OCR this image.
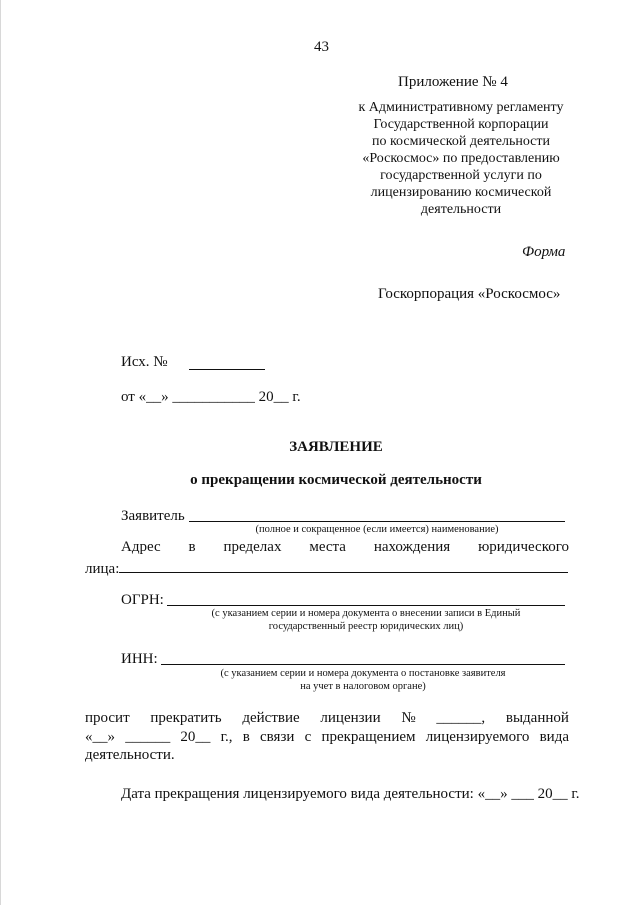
43
Приложение № 4
к Административному регламенту
Государственной корпорации
по космической деятельности
«Роскосмос» по предоставлению
государственной услуги по
лицензированию космической
деятельности
Форма
Госкорпорация «Роскосмос»
Исх. №
от «__» ___________ 20__ г.
ЗАЯВЛЕНИЕ
о прекращении космической деятельности
Заявитель
(полное и сокращенное (если имеется) наименование)
Адрес в пределах места нахождения юридического
лица:
ОГРН:
(с указанием серии и номера документа о внесении записи в Единый
государственный реестр юридических лиц)
ИНН:
(с указанием серии и номера документа о постановке заявителя
на учет в налоговом органе)
просит прекратить действие лицензии № ______, выданной
«__» ______ 20__ г., в связи с прекращением лицензируемого вида
деятельности.
Дата прекращения лицензируемого вида деятельности: «__» ___ 20__ г.
